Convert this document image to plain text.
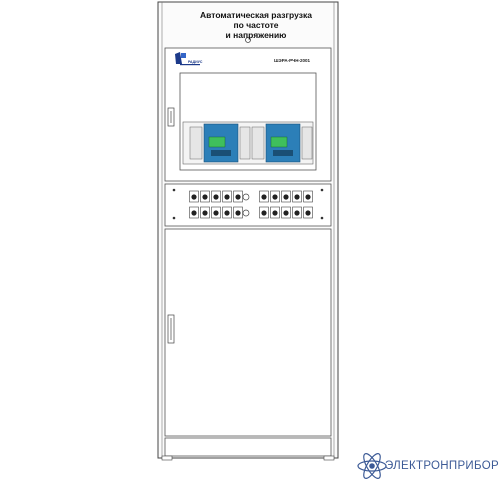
Автоматическая разгрузка
по частоте
и напряжению
ШЭРА-РЧН-2001
РАДИУС
ЭЛЕКТРОНПРИБОР
